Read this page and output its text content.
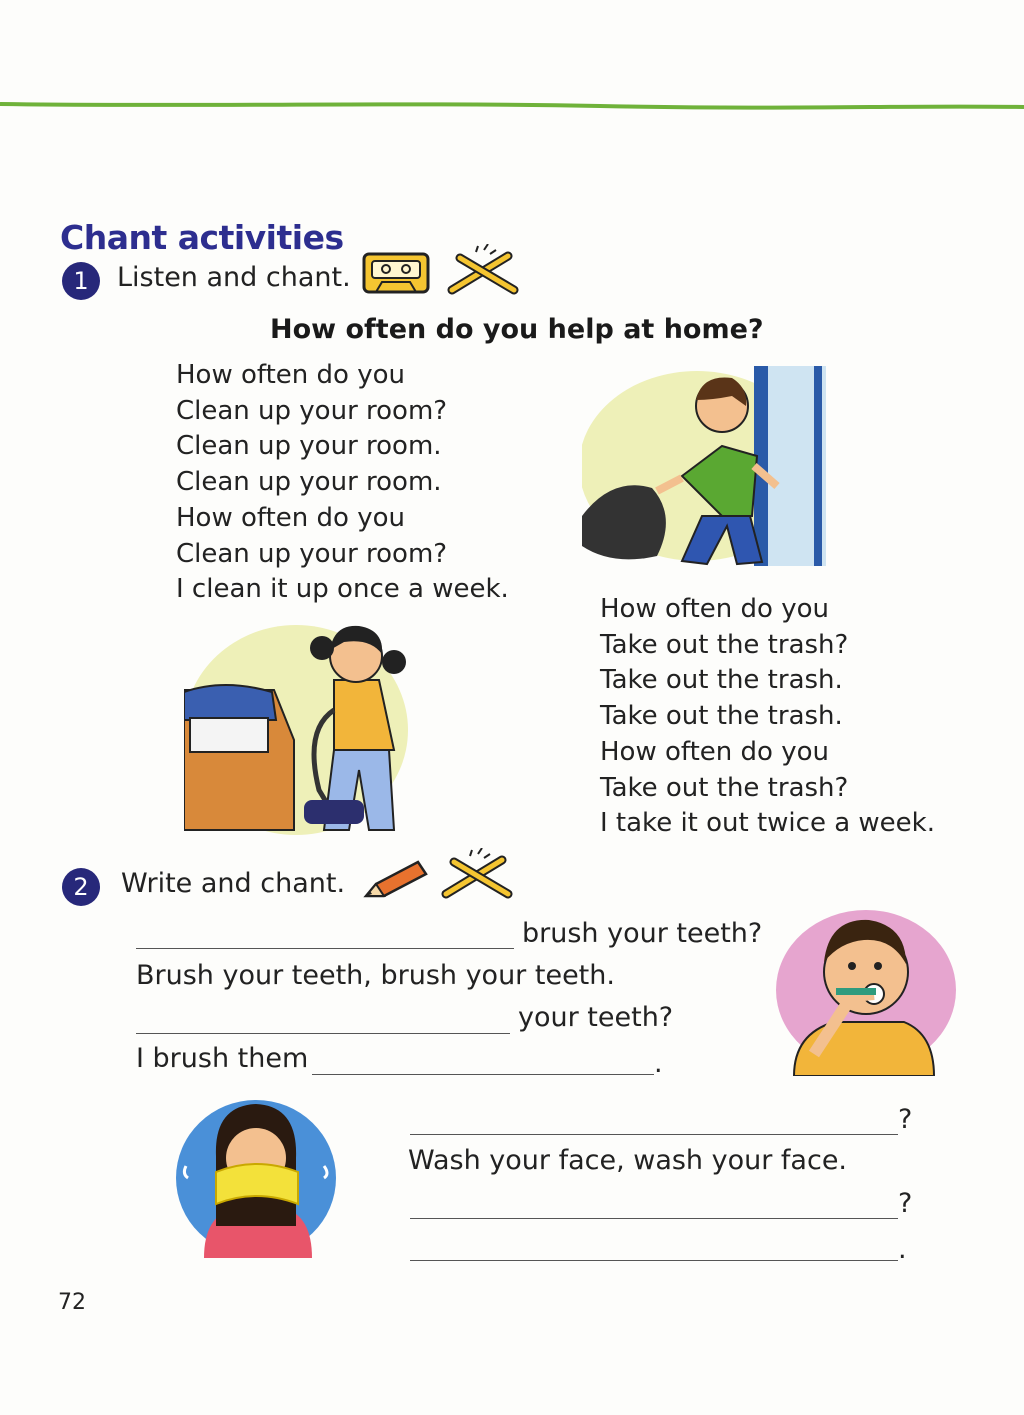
Chant activities
1	Listen and chant.
How often do you help at home?
How often do you
Clean up your room?
Clean up your room.
Clean up your room.
How often do you
Clean up your room?
I clean it up once a week.
How often do you
Take out the trash?
Take out the trash.
Take out the trash.
How often do you
Take out the trash?
I take it out twice a week.
2	Write and chant.
brush your teeth?
Brush your teeth, brush your teeth.
your teeth?
I brush them	.
?
Wash your face, wash your face.
?
.
72
